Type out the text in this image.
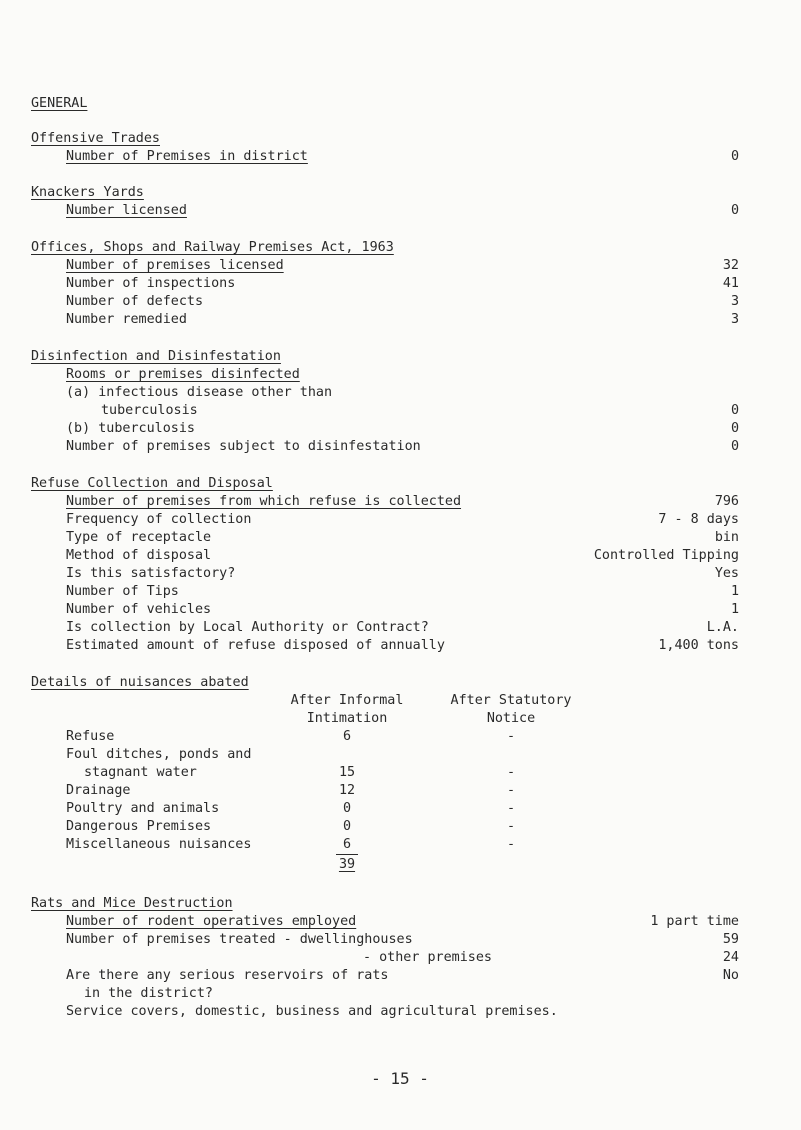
GENERAL
Offensive Trades
Number of Premises in district	0
Knackers Yards
Number licensed	0
Offices, Shops and Railway Premises Act, 1963
Number of premises licensed	32
Number of inspections	41
Number of defects	3
Number remedied	3
Disinfection and Disinfestation
Rooms or premises disinfected
(a) infectious disease other than
tuberculosis	0
(b) tuberculosis	0
Number of premises subject to disinfestation	0
Refuse Collection and Disposal
Number of premises from which refuse is collected	796
Frequency of collection	7 - 8 days
Type of receptacle	bin
Method of disposal	Controlled Tipping
Is this satisfactory?	Yes
Number of Tips	1
Number of vehicles	1
Is collection by Local Authority or Contract?	L.A.
Estimated amount of refuse disposed of annually	1,400 tons
Details of nuisances abated
After Informal
Intimation
After Statutory
Notice
Refuse	6	-
Foul ditches, ponds and
stagnant water	15	-
Drainage	12	-
Poultry and animals	0	-
Dangerous Premises	0	-
Miscellaneous nuisances	6	-
39
Rats and Mice Destruction
Number of rodent operatives employed	1 part time
Number of premises treated - dwellinghouses	59
- other premises	24
Are there any serious reservoirs of rats	No
in the district?
Service covers, domestic, business and agricultural premises.
- 15 -
